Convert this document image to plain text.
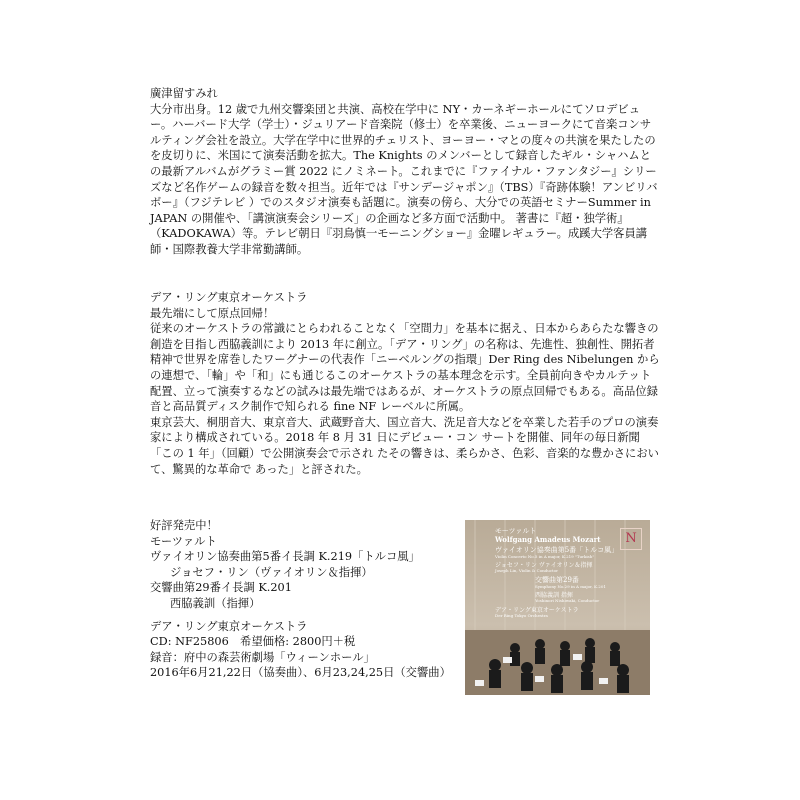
廣津留すみれ

大分市出身。12 歳で九州交響楽団と共演、高校在学中に NY・カーネギーホールにてソロデビュー。ハーバード大学（学士）・ジュリアード音楽院（修士）を卒業後、ニューヨークにて音楽コンサルティング会社を設立。大学在学中に世界的チェリスト、ヨーヨー・マとの度々の共演を果たしたのを皮切りに、米国にて演奏活動を拡大。The Knights のメンバーとして録音したギル・シャハムとの最新アルバムがグラミー賞 2022 にノミネート。これまでに『ファイナル・ファンタジー』シリーズなど名作ゲームの録音を数々担当。近年では『サンデージャポン』（TBS）『奇跡体験！アンビリバボー』（フジテレビ ）でのスタジオ演奏も話題に。演奏の傍ら、大分での英語セミナーSummer in JAPAN の開催や、「講演演奏会シリーズ」の企画など多方面で活動中。 著書に『超・独学術』（KADOKAWA）等。テレビ朝日『羽鳥慎一モーニングショー』金曜レギュラー。成蹊大学客員講師・国際教養大学非常勤講師。

デア・リング東京オーケストラ

最先端にして原点回帰！

従来のオーケストラの常識にとらわれることなく「空間力」を基本に据え、日本からあらたな響きの創造を目指し西脇義訓により 2013 年に創立。「デア・リング」の名称は、先進性、独創性、開拓者精神で世界を席巻したワーグナーの代表作「ニーベルングの指環」Der Ring des Nibelungen からの連想で、「輪」や「和」にも通じるこのオーケストラの基本理念を示す。全員前向きやカルテット配置、立って演奏するなどの試みは最先端ではあるが、オーケストラの原点回帰でもある。高品位録音と高品質ディスク制作で知られる fine NF レーベルに所属。

東京芸大、桐朋音大、東京音大、武蔵野音大、国立音大、洗足音大などを卒業した若手のプロの演奏家により構成されている。2018 年 8 月 31 日にデビュー・コン サートを開催、同年の毎日新聞「この 1 年」（回顧）で公開演奏会で示され たその響きは、柔らかさ、色彩、音楽的な豊かさにおいて、驚異的な革命で あった」と評された。

好評発売中！

モーツァルト

ヴァイオリン協奏曲第5番イ長調 K.219「トルコ風」

ジョセフ・リン（ヴァイオリン＆指揮）

交響曲第29番イ長調 K.201

西脇義訓（指揮）

デア・リング東京オーケストラ

CD: NF25806　希望価格: 2800円＋税

録音：府中の森芸術劇場「ウィーンホール」

2016年6月21,22日（協奏曲）、6月23,24,25日（交響曲）

N
モーツァルト
Wolfgang Amadeus Mozart
ヴァイオリン協奏曲第5番「トルコ風」
Violin Concerto No.5 in A major, K.219 "Turkish"
ジョセフ・リン ヴァイオリン＆指揮
Joseph Lin, Violin & Conductor
交響曲第29番
Symphony No.29 in A major, K.201
西脇義訓 指揮
Yoshinori Nishiwaki, Conductor
デア・リング東京オーケストラ
Der Ring Tokyo Orchestra
